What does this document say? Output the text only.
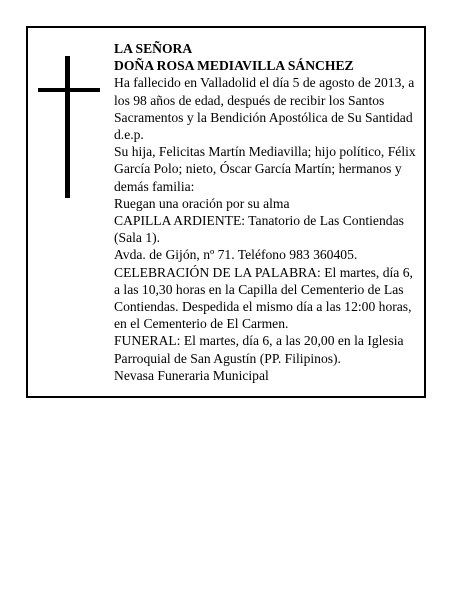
LA SEÑORA

DOÑA ROSA MEDIAVILLA SÁNCHEZ

Ha fallecido en Valladolid el día 5 de agosto de 2013, a los 98 años de edad, después de recibir los Santos Sacramentos y la Bendición Apostólica de Su Santidad d.e.p.

Su hija, Felicitas Martín Mediavilla; hijo político, Félix García Polo; nieto, Óscar García Martín; hermanos y demás familia:

Ruegan una oración por su alma

CAPILLA ARDIENTE: Tanatorio de Las Contiendas (Sala 1).

Avda. de Gijón, nº 71. Teléfono 983 360405.

CELEBRACIÓN DE LA PALABRA: El martes, día 6, a las 10,30 horas en la Capilla del Cementerio de Las Contiendas. Despedida el mismo día a las 12:00 horas, en el Cementerio de El Carmen.

FUNERAL: El martes, día 6, a las 20,00 en la Iglesia Parroquial de San Agustín (PP. Filipinos).

Nevasa Funeraria Municipal
